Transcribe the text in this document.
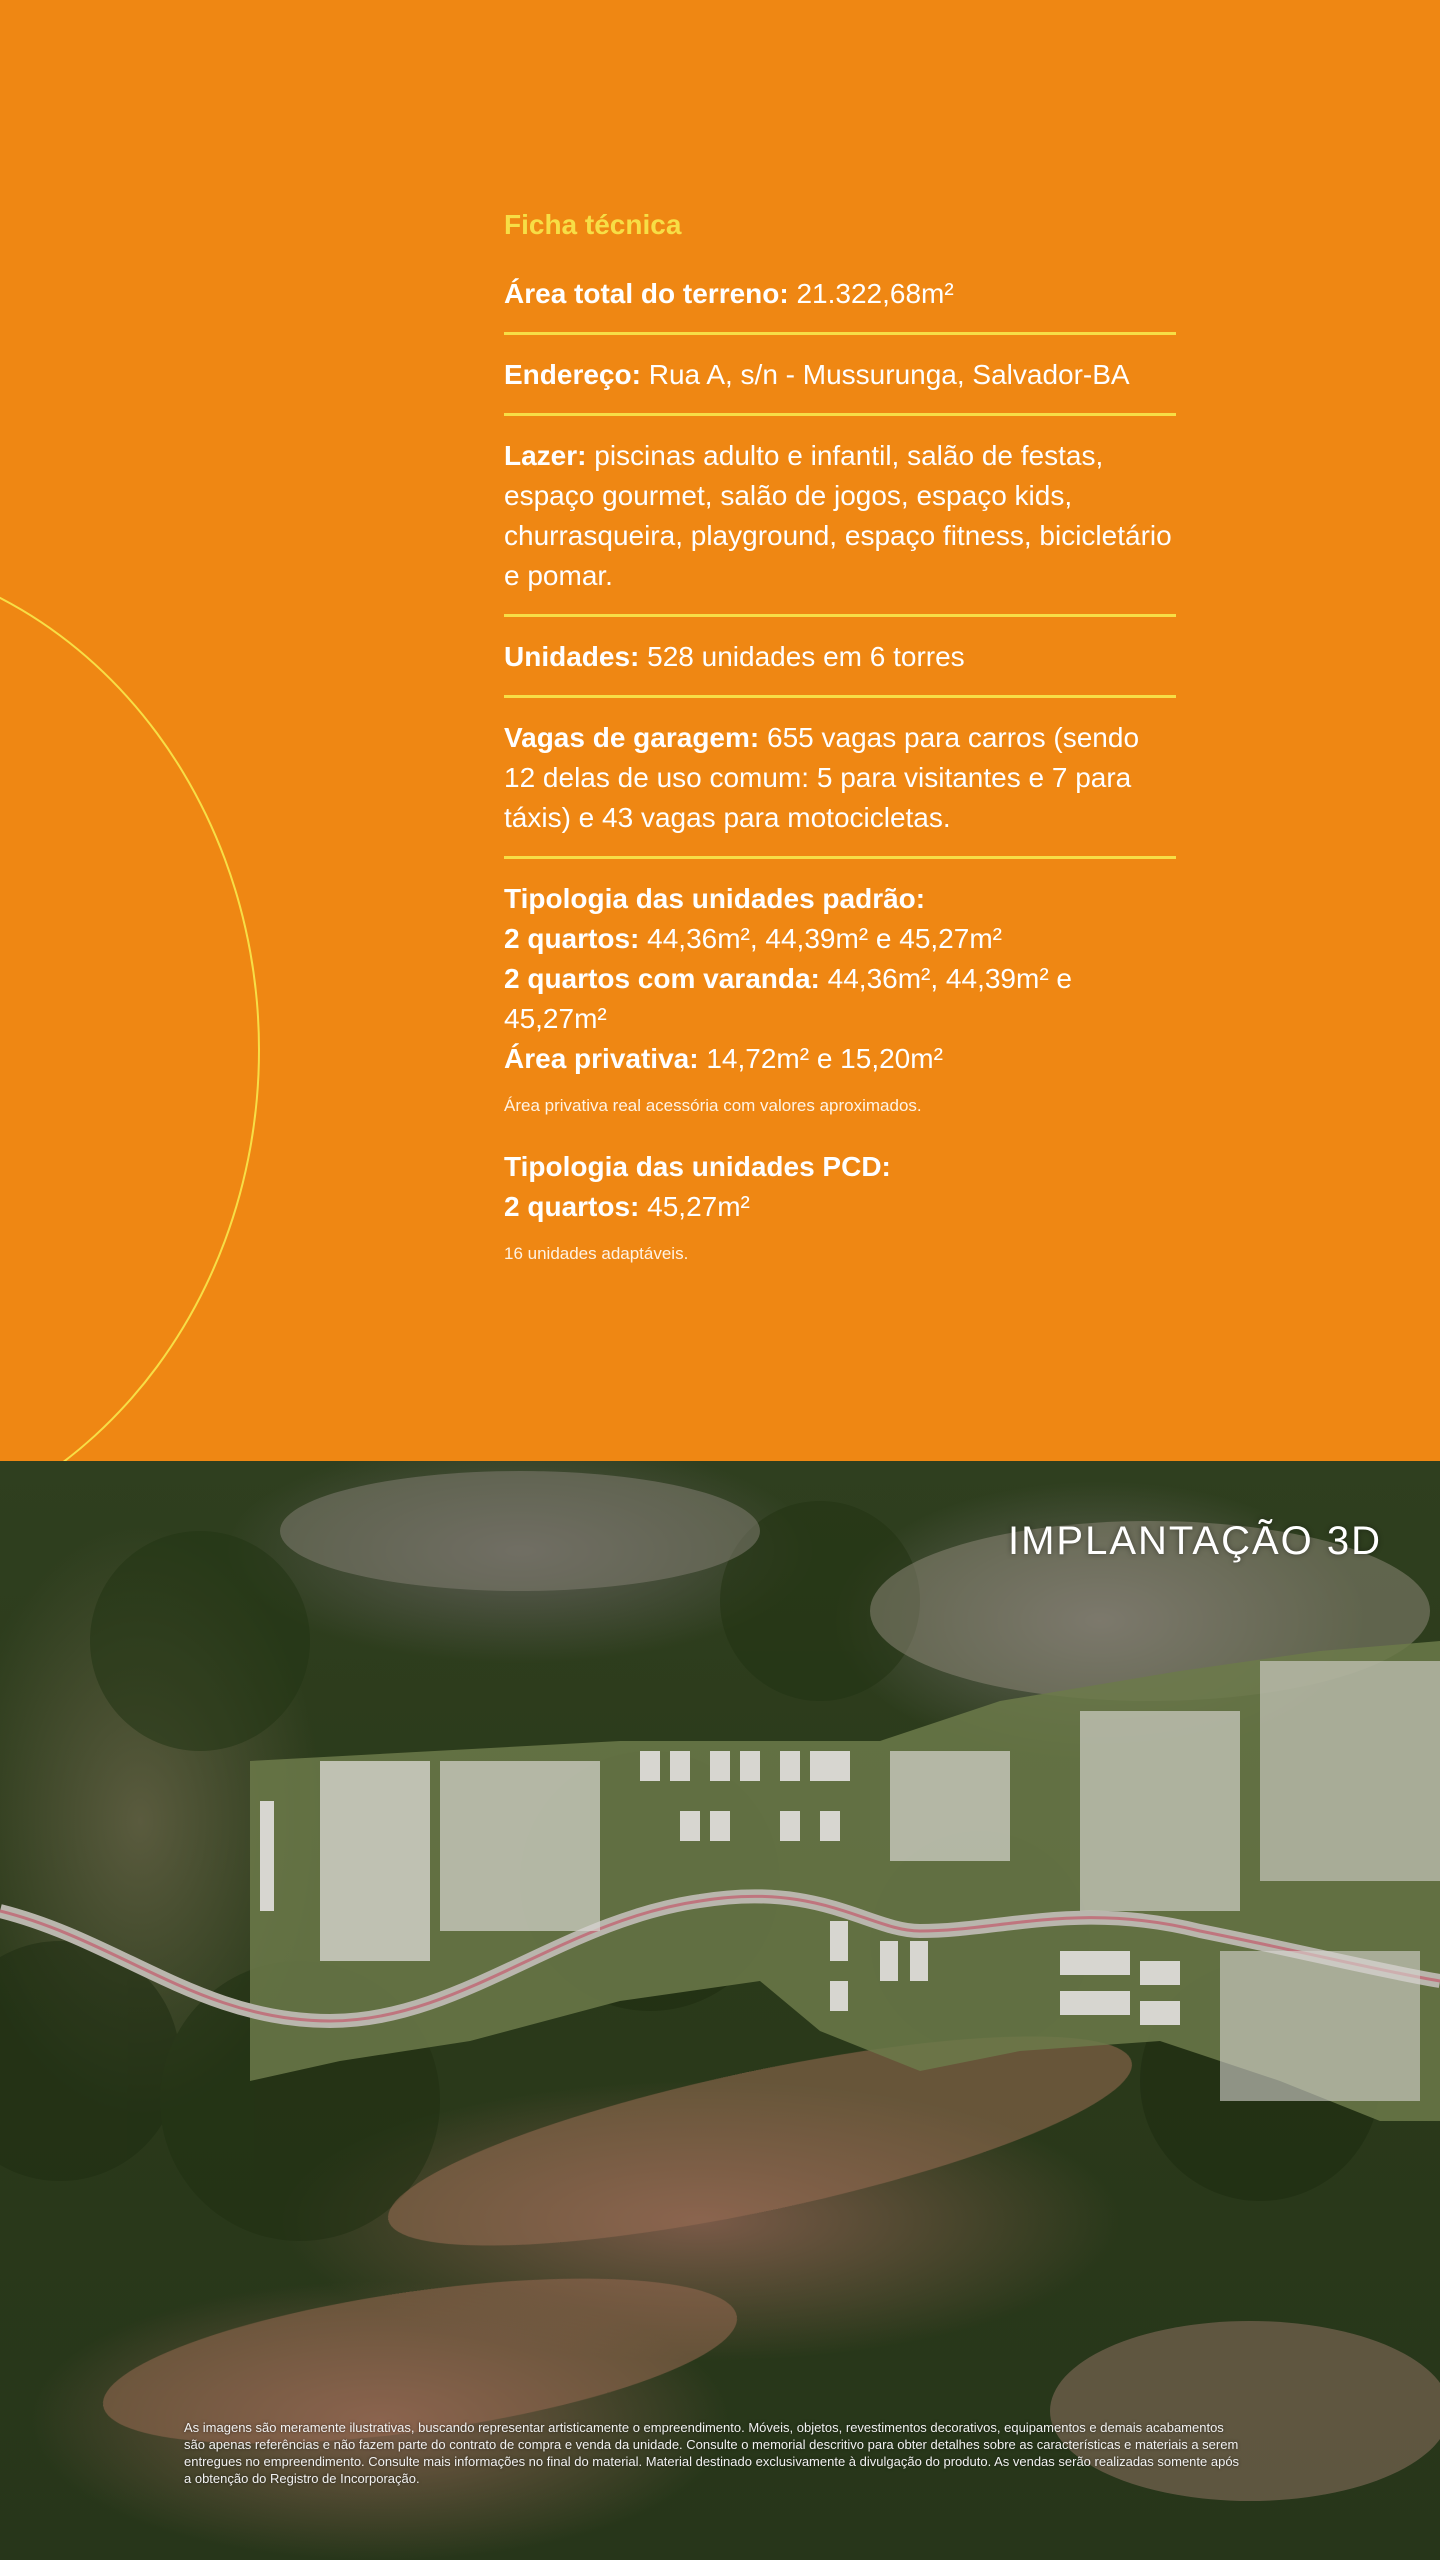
Ficha técnica
Área total do terreno: 21.322,68m²
Endereço: Rua A, s/n - Mussurunga, Salvador-BA
Lazer: piscinas adulto e infantil, salão de festas, espaço gourmet, salão de jogos, espaço kids, churrasqueira, playground, espaço fitness, bicicletário e pomar.
Unidades: 528 unidades em 6 torres
Vagas de garagem: 655 vagas para carros (sendo 12 delas de uso comum: 5 para visitantes e 7 para táxis) e 43 vagas para motocicletas.
Tipologia das unidades padrão:
2 quartos: 44,36m², 44,39m² e 45,27m²
2 quartos com varanda: 44,36m², 44,39m² e 45,27m²
Área privativa: 14,72m² e 15,20m²

Área privativa real acessória com valores aproximados.

Tipologia das unidades PCD:
2 quartos: 45,27m²

16 unidades adaptáveis.

IMPLANTAÇÃO 3D

As imagens são meramente ilustrativas, buscando representar artisticamente o empreendimento. Móveis, objetos, revestimentos decorativos, equipamentos e demais acabamentos são apenas referências e não fazem parte do contrato de compra e venda da unidade. Consulte o memorial descritivo para obter detalhes sobre as características e materiais a serem entregues no empreendimento. Consulte mais informações no final do material. Material destinado exclusivamente à divulgação do produto. As vendas serão realizadas somente após a obtenção do Registro de Incorporação.
